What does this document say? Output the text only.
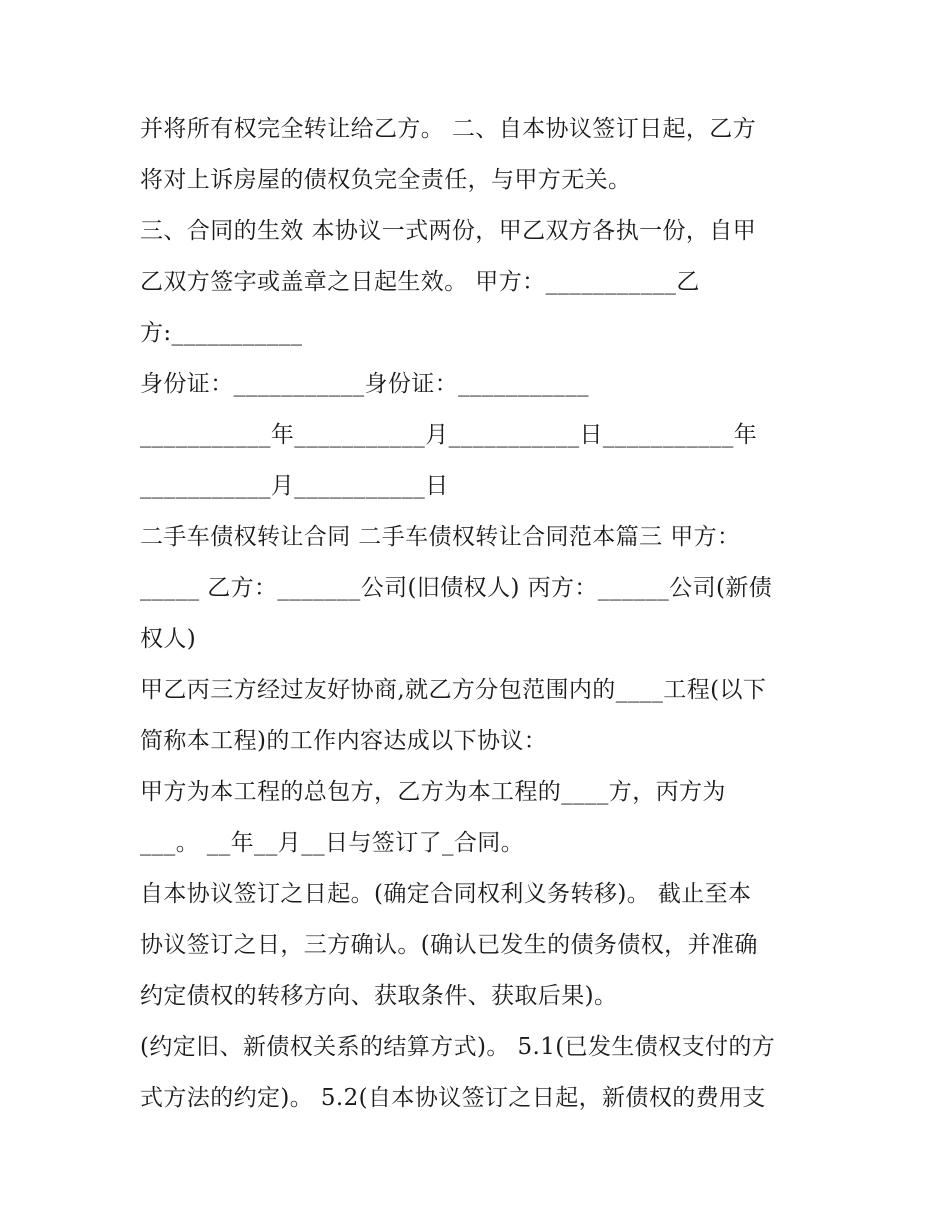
并将所有权完全转让给乙方。 二、自本协议签订日起，乙方
将对上诉房屋的债权负完全责任，与甲方无关。
三、合同的生效 本协议一式两份，甲乙双方各执一份，自甲
乙双方签字或盖章之日起生效。 甲方：___________乙
方:___________
身份证：___________身份证：___________
___________年___________月___________日___________年
___________月___________日
二手车债权转让合同 二手车债权转让合同范本篇三 甲方：
_____ 乙方：_______公司(旧债权人) 丙方：______公司(新债
权人)
甲乙丙三方经过友好协商,就乙方分包范围内的____工程(以下
简称本工程)的工作内容达成以下协议：
甲方为本工程的总包方，乙方为本工程的____方，丙方为
___。 __年__月__日与签订了_合同。
自本协议签订之日起。(确定合同权利义务转移)。 截止至本
协议签订之日，三方确认。(确认已发生的债务债权，并准确
约定债权的转移方向、获取条件、获取后果)。
(约定旧、新债权关系的结算方式)。 5.1(已发生债权支付的方
式方法的约定)。 5.2(自本协议签订之日起，新债权的费用支
